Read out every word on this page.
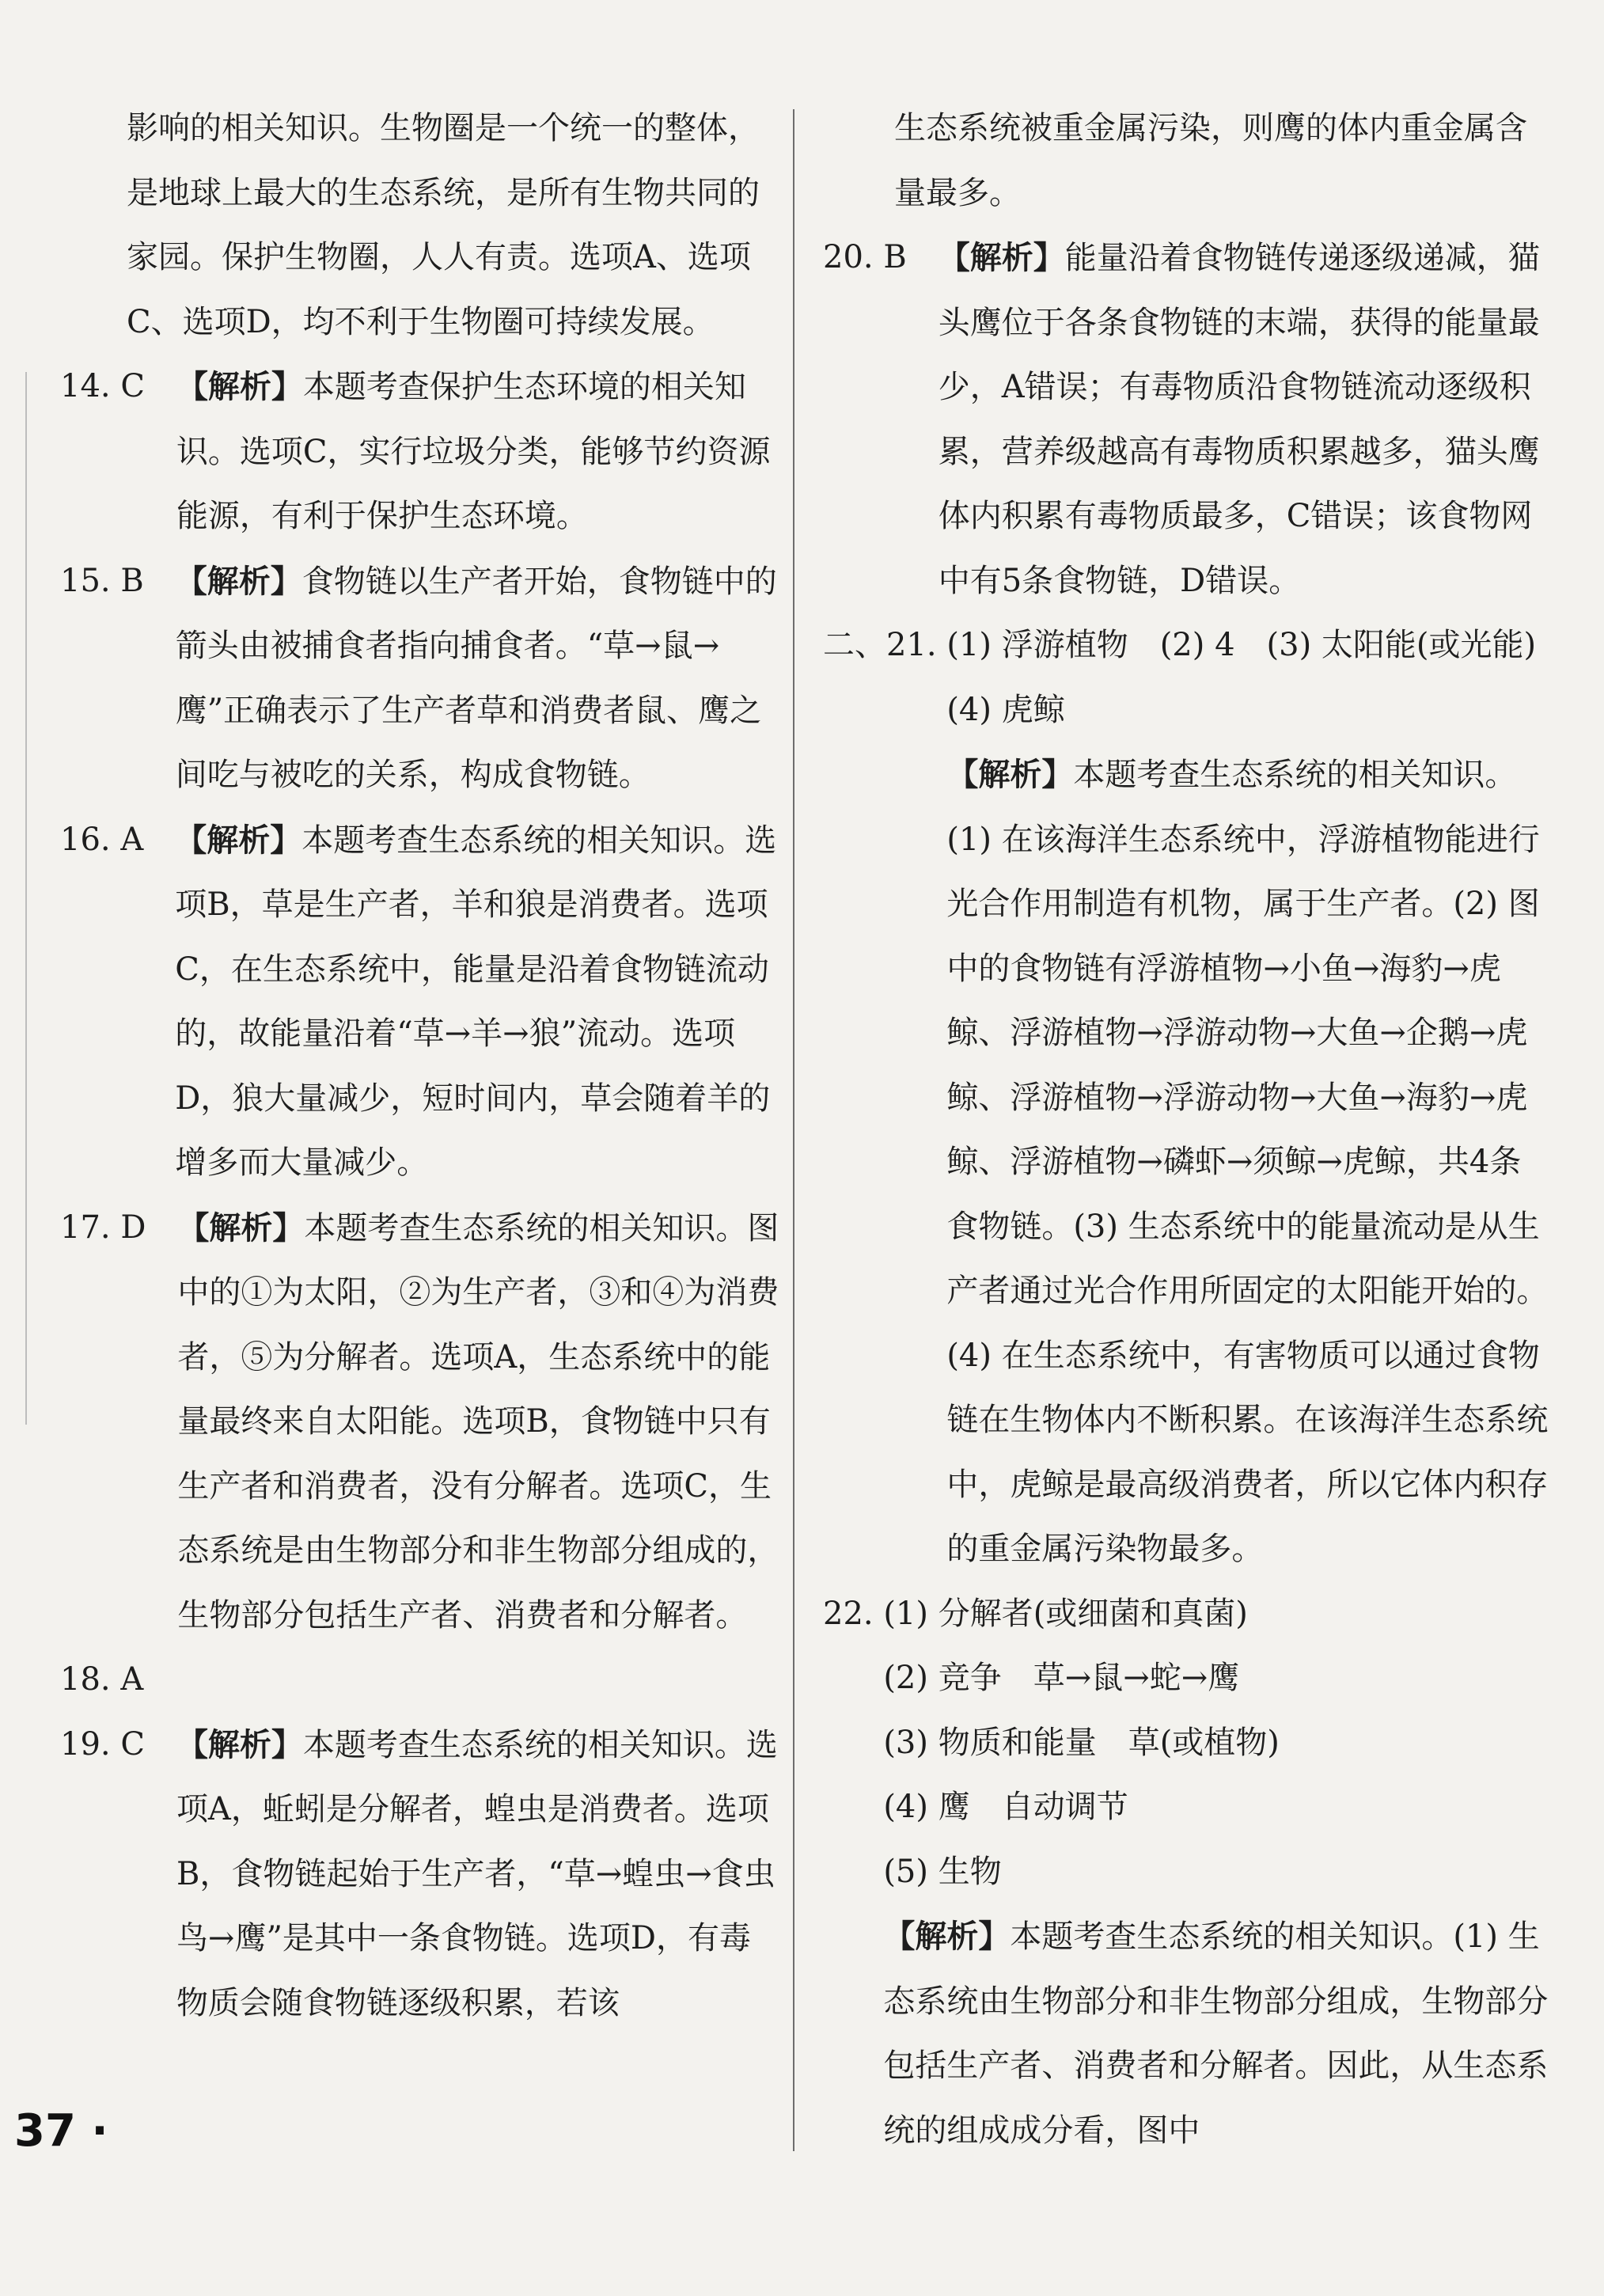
影响的相关知识。生物圈是一个统一的整体，是地球上最大的生态系统，是所有生物共同的家园。保护生物圈，人人有责。选项A、选项C、选项D，均不利于生物圈可持续发展。
14. C　 【解析】本题考查保护生态环境的相关知识。选项C，实行垃圾分类，能够节约资源能源，有利于保护生态环境。
15. B　 【解析】食物链以生产者开始，食物链中的箭头由被捕食者指向捕食者。“草→鼠→鹰”正确表示了生产者草和消费者鼠、鹰之间吃与被吃的关系，构成食物链。
16. A　 【解析】本题考查生态系统的相关知识。选项B，草是生产者，羊和狼是消费者。选项C，在生态系统中，能量是沿着食物链流动的，故能量沿着“草→羊→狼”流动。选项D，狼大量减少，短时间内，草会随着羊的增多而大量减少。
17. D　 【解析】本题考查生态系统的相关知识。图中的①为太阳，②为生产者，③和④为消费者，⑤为分解者。选项A，生态系统中的能量最终来自太阳能。选项B，食物链中只有生产者和消费者，没有分解者。选项C，生态系统是由生物部分和非生物部分组成的，生物部分包括生产者、消费者和分解者。
18. A
19. C　 【解析】本题考查生态系统的相关知识。选项A，蚯蚓是分解者，蝗虫是消费者。选项B，食物链起始于生产者，“草→蝗虫→食虫鸟→鹰”是其中一条食物链。选项D，有毒物质会随食物链逐级积累，若该
生态系统被重金属污染，则鹰的体内重金属含量最多。
20. B　 【解析】能量沿着食物链传递逐级递减，猫头鹰位于各条食物链的末端，获得的能量最少，A错误；有毒物质沿食物链流动逐级积累，营养级越高有毒物质积累越多，猫头鹰体内积累有毒物质最多，C错误；该食物网中有5条食物链，D错误。
二、21. (1) 浮游植物　(2) 4　(3) 太阳能(或光能)　(4) 虎鲸
【解析】本题考查生态系统的相关知识。(1) 在该海洋生态系统中，浮游植物能进行光合作用制造有机物，属于生产者。(2) 图中的食物链有浮游植物→小鱼→海豹→虎鲸、浮游植物→浮游动物→大鱼→企鹅→虎鲸、浮游植物→浮游动物→大鱼→海豹→虎鲸、浮游植物→磷虾→须鲸→虎鲸，共4条食物链。(3) 生态系统中的能量流动是从生产者通过光合作用所固定的太阳能开始的。(4) 在生态系统中，有害物质可以通过食物链在生物体内不断积累。在该海洋生态系统中，虎鲸是最高级消费者，所以它体内积存的重金属污染物最多。
22. (1) 分解者(或细菌和真菌)
(2) 竞争　草→鼠→蛇→鹰
(3) 物质和能量　草(或植物)
(4) 鹰　自动调节
(5) 生物
【解析】本题考查生态系统的相关知识。(1) 生态系统由生物部分和非生物部分组成，生物部分包括生产者、消费者和分解者。因此，从生态系统的组成成分看，图中
37 ·
